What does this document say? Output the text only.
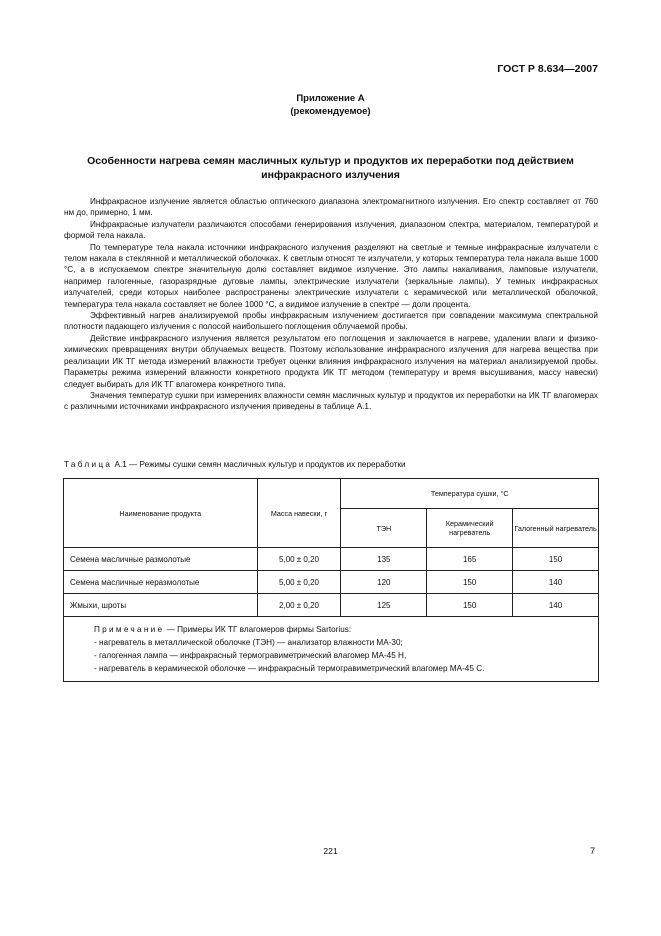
ГОСТ Р 8.634—2007
Приложение А
(рекомендуемое)
Особенности нагрева семян масличных культур и продуктов их переработки под действием инфракрасного излучения

Инфракрасное излучение является областью оптического диапазона электромагнитного излучения. Его спектр составляет от 760 нм до, примерно, 1 мм.

Инфракрасные излучатели различаются способами генерирования излучения, диапазоном спектра, материалом, температурой и формой тела накала.

По температуре тела накала источники инфракрасного излучения разделяют на светлые и темные инфракрасные излучатели с телом накала в стеклянной и металлической оболочках. К светлым относят те излучатели, у которых температура тела накала выше 1000 °С, а в испускаемом спектре значительную долю составляет видимое излучение. Это лампы накаливания, ламповые излучатели, например галогенные, газоразрядные дуговые лампы, электрические излучатели (зеркальные лампы). У темных инфракрасных излучателей, среди которых наиболее распространены электрические излучатели с керамической или металлической оболочкой, температура тела накала составляет не более 1000 °С, а видимое излучение в спектре — доли процента.

Эффективный нагрев анализируемой пробы инфракрасным излучением достигается при совпадении максимума спектральной плотности падающего излучения с полосой наибольшего поглощения облучаемой пробы.

Действие инфракрасного излучения является результатом его поглощения и заключается в нагреве, удалении влаги и физико-химических превращениях внутри облучаемых веществ. Поэтому использование инфракрасного излучения для нагрева вещества при реализации ИК ТГ метода измерений влажности требует оценки влияния инфракрасного излучения на материал анализируемой пробы. Параметры режима измерений влажности конкретного продукта ИК ТГ методом (температуру и время высушивания, массу навески) следует выбирать для ИК ТГ влагомера конкретного типа.

Значения температур сушки при измерениях влажности семян масличных культур и продуктов их переработки на ИК ТГ влагомерах с различными источниками инфракрасного излучения приведены в таблице А.1.

Таблица А.1 — Режимы сушки семян масличных культур и продуктов их переработки
Наименование продукта	Масса навески, г	Температура сушки, °С		
		ТЭН	Керамический нагреватель	Галогенный нагреватель
Семена масличные размолотые	5,00 ± 0,20	135	165	150
Семена масличные неразмолотые	5,00 ± 0,20	120	150	140
Жмыхи, шроты	2,00 ± 0,20	125	150	140

Примечание — Примеры ИК ТГ влагомеров фирмы Sartorius:
- нагреватель в металлической оболочке (ТЭН) — анализатор влажности МА-30;
- галогенная лампа — инфракрасный термогравиметрический влагомер МА-45 Н,
- нагреватель в керамической оболочке — инфракрасный термогравиметрический влагомер МА-45 С.				
221	7
